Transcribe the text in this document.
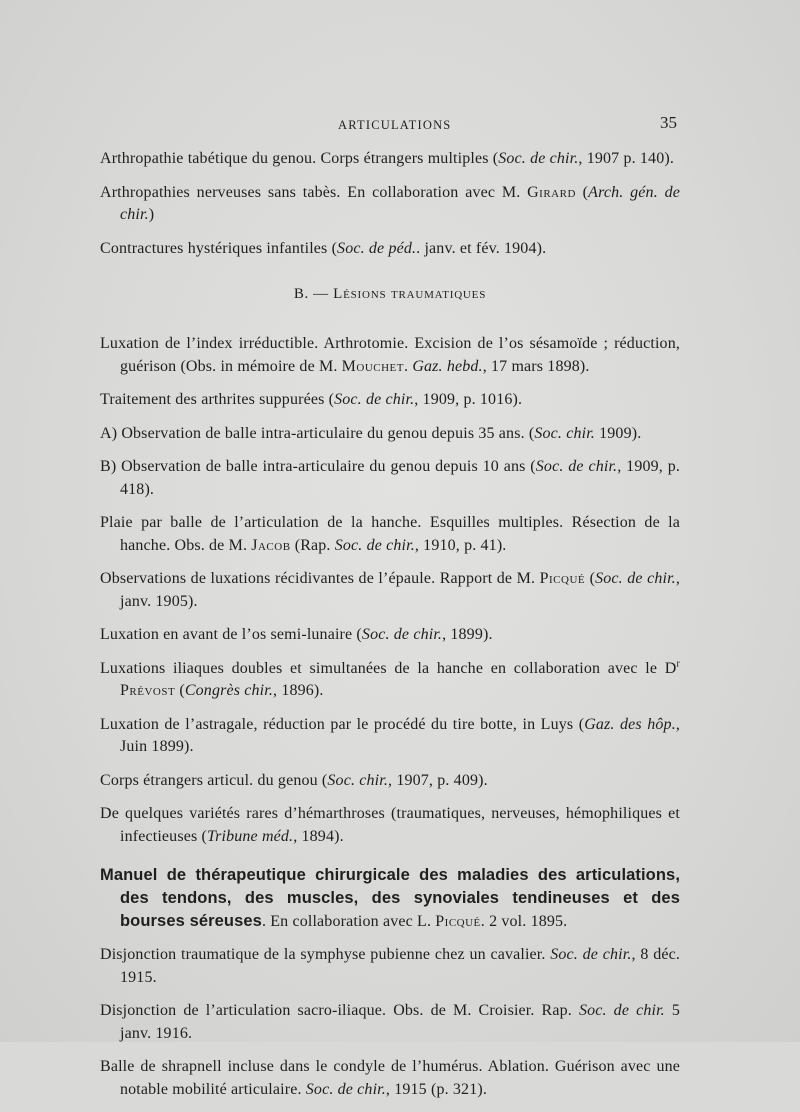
ARTICULATIONS	35

Arthropathie tabétique du genou. Corps étrangers multiples (Soc. de chir., 1907 p. 140).

Arthropathies nerveuses sans tabès. En collaboration avec M. Girard (Arch. gén. de chir.)

Contractures hystériques infantiles (Soc. de péd.. janv. et fév. 1904).

B. — Lésions traumatiques

Luxation de l’index irréductible. Arthrotomie. Excision de l’os sésamoïde ; réduction, guérison (Obs. in mémoire de M. Mouchet. Gaz. hebd., 17 mars 1898).

Traitement des arthrites suppurées (Soc. de chir., 1909, p. 1016).

A) Observation de balle intra-articulaire du genou depuis 35 ans. (Soc. chir. 1909).

B) Observation de balle intra-articulaire du genou depuis 10 ans (Soc. de chir., 1909, p. 418).

Plaie par balle de l’articulation de la hanche. Esquilles multiples. Résection de la hanche. Obs. de M. Jacob (Rap. Soc. de chir., 1910, p. 41).

Observations de luxations récidivantes de l’épaule. Rapport de M. Picqué (Soc. de chir., janv. 1905).

Luxation en avant de l’os semi-lunaire (Soc. de chir., 1899).

Luxations iliaques doubles et simultanées de la hanche en collaboration avec le $D^r$ Prévost (Congrès chir., 1896).

Luxation de l’astragale, réduction par le procédé du tire botte, in Luys (Gaz. des hôp., Juin 1899).

Corps étrangers articul. du genou (Soc. chir., 1907, p. 409).

De quelques variétés rares d’hémarthroses (traumatiques, nerveuses, hémophiliques et infectieuses (Tribune méd., 1894).

Manuel de thérapeutique chirurgicale des maladies des articulations, des tendons, des muscles, des synoviales tendineuses et des bourses séreuses. En collaboration avec L. Picqué. 2 vol. 1895.

Disjonction traumatique de la symphyse pubienne chez un cavalier. Soc. de chir., 8 déc. 1915.

Disjonction de l’articulation sacro-iliaque. Obs. de M. Croisier. Rap. Soc. de chir. 5 janv. 1916.

Balle de shrapnell incluse dans le condyle de l’humérus. Ablation. Guérison avec une notable mobilité articulaire. Soc. de chir., 1915 (p. 321).
